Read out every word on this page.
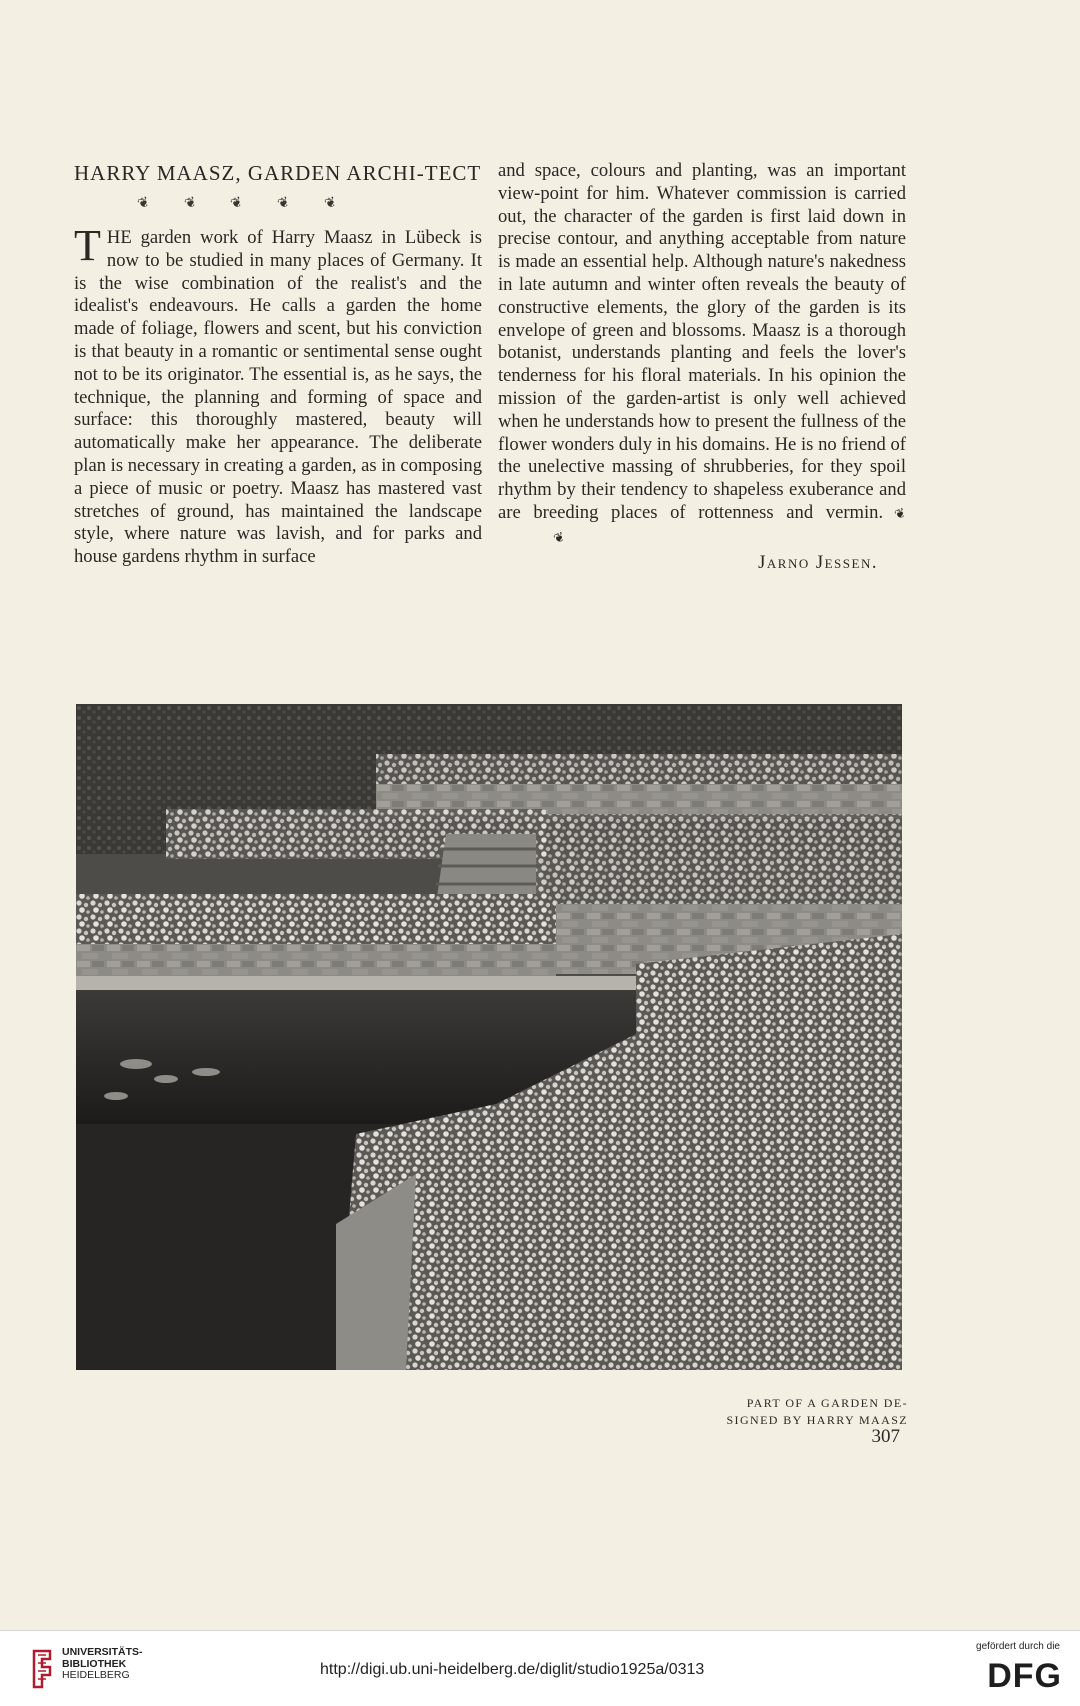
HARRY MAASZ, GARDEN ARCHI-TECT❦ ❦ ❦ ❦ ❦
THE garden work of Harry Maasz in Lübeck is now to be studied in many places of Germany. It is the wise combination of the realist's and the idealist's endeavours. He calls a garden the home made of foliage, flowers and scent, but his conviction is that beauty in a romantic or sentimental sense ought not to be its originator. The essential is, as he says, the technique, the planning and forming of space and surface: this thoroughly mastered, beauty will automatically make her appearance. The deliberate plan is necessary in creating a garden, as in composing a piece of music or poetry. Maasz has mastered vast stretches of ground, has maintained the landscape style, where nature was lavish, and for parks and house gardens rhythm in surface
and space, colours and planting, was an important view-point for him. Whatever commission is carried out, the character of the garden is first laid down in precise contour, and anything acceptable from nature is made an essential help. Although nature's nakedness in late autumn and winter often reveals the beauty of constructive elements, the glory of the garden is its envelope of green and blossoms. Maasz is a thorough botanist, understands planting and feels the lover's tenderness for his floral materials. In his opinion the mission of the garden-artist is only well achieved when he understands how to present the fullness of the flower wonders duly in his domains. He is no friend of the unelective massing of shrubberies, for they spoil rhythm by their tendency to shapeless exuberance and are breeding places of rottenness and vermin. ❦❦
Jarno Jessen.
PART OF A GARDEN DE-
SIGNED BY HARRY MAASZ
307
UNIVERSITÄTS-
BIBLIOTHEK
HEIDELBERG	http://digi.ub.uni-heidelberg.de/diglit/studio1925a/0313
gefördert durch die
DFG
